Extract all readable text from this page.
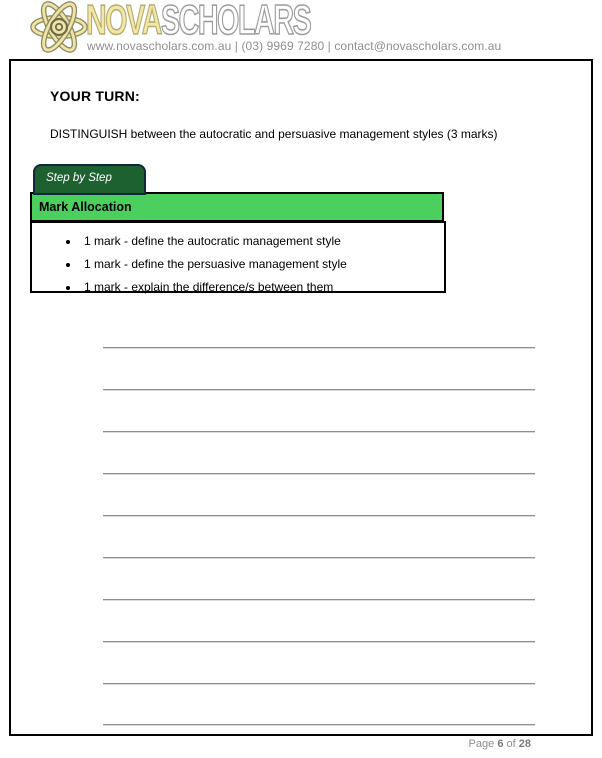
NOVASCHOLARS
www.novascholars.com.au | (03) 9969 7280 | contact@novascholars.com.au
YOUR TURN:
DISTINGUISH between the autocratic and persuasive management styles (3 marks)
Step by Step
Mark Allocation
• 1 mark - define the autocratic management style
• 1 mark - define the persuasive management style
• 1 mark - explain the difference/s between them
Page 6 of 28
